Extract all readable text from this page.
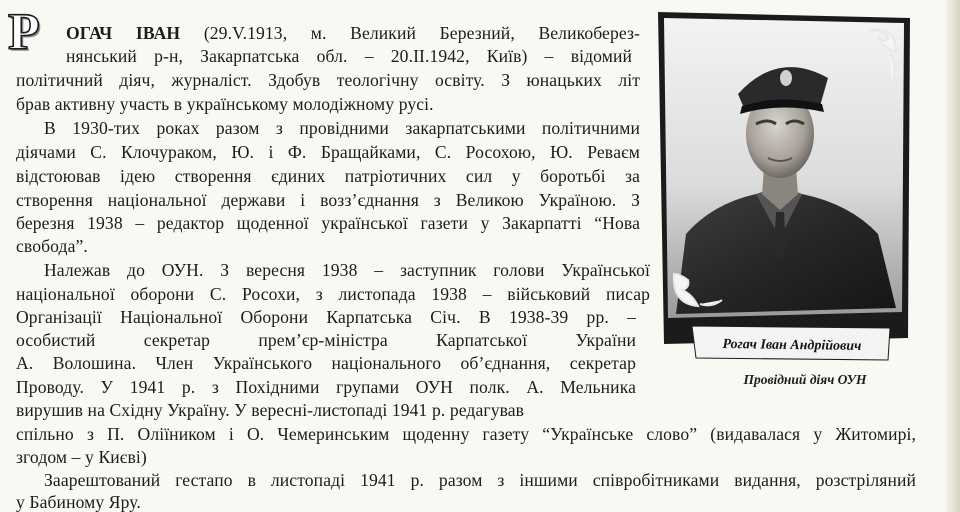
Р ОГАЧ ІВАН (29.V.1913, м. Великий Березний, Великоберез-
нянський р-н, Закарпатська обл. – 20.ІІ.1942, Київ) – відомий
політичний діяч, журналіст. Здобув теологічну освіту. З юнацьких літ
брав активну участь в українському молодіжному русі.
В 1930-тих роках разом з провідними закарпатськими політичними
діячами С. Клочураком, Ю. і Ф. Бращайками, С. Росохою, Ю. Ревaєм
відстоював ідею створення єдиних патріотичних сил у боротьбі за
створення національної держави і возз’єднання з Великою Україною. З
березня 1938 – редактор щоденної української газети у Закарпатті “Нова
свобода”.
Належав до ОУН. З вересня 1938 – заступник голови Української
національної оборони С. Росохи, з листопада 1938 – військовий писар
Організації Національної Оборони Карпатська Січ. В 1938-39 рр. –
особистий секретар прем’єр-міністра Карпатської України
А. Волошина. Член Українського національного об’єднання, секретар
Проводу. У 1941 р. з Похідними групами ОУН полк. А. Мельника
вирушив на Східну Україну. У вересні-листопаді 1941 р. редагував
спільно з П. Оліїником і О. Чемеринським щоденну газету “Українське слово” (видавалася у Житомирі,
згодом – у Києві)
Заарештований гестапо в листопаді 1941 р. разом з іншими співробітниками видання, розстріляний
у Бабиному Яру.
Рогач Іван Андрійович
Провідний діяч ОУН
